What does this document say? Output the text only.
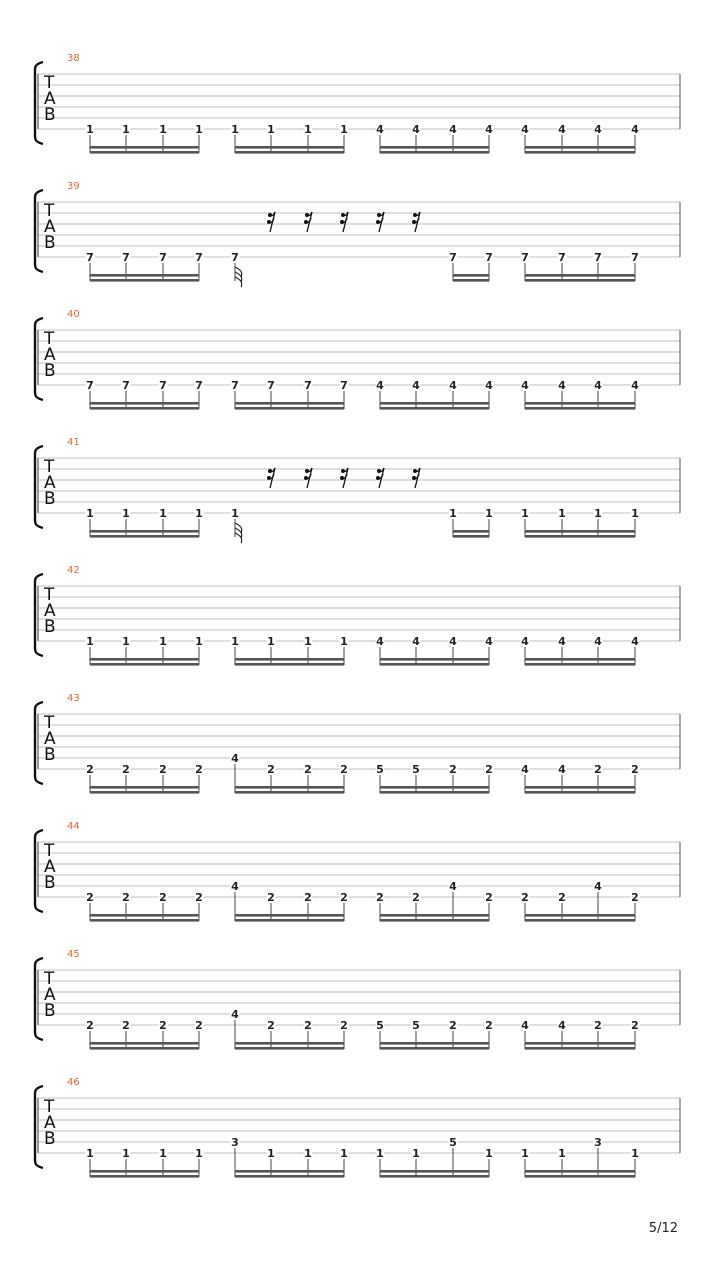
38
T
A
B
1	1	1	1	1	1	1	1	4	4	4	4	4	4	4	4
39
T
A
B
7	7	7	7	7	7	7	7	7	7	7
40
T
A
B
7	7	7	7	7	7	7	7	4	4	4	4	4	4	4	4
41
T
A
B
1	1	1	1	1	1	1	1	1	1	1
42
T
A
B
1	1	1	1	1	1	1	1	4	4	4	4	4	4	4	4
43
T
A
B
2	2	2	2
4
2	2	2	5	5	2	2	4	4	2	2
44
T
A
B
2	2	2	2
4
2	2	2	2	2
4
2	2	2
4
2
45
T
A
B
2	2	2	2
4
2	2	2	5	5	2	2	4	4	2	2
46
T
A
B
1	1	1	1
3
1	1	1	1	1
5
1	1	1
3
1
5/12
